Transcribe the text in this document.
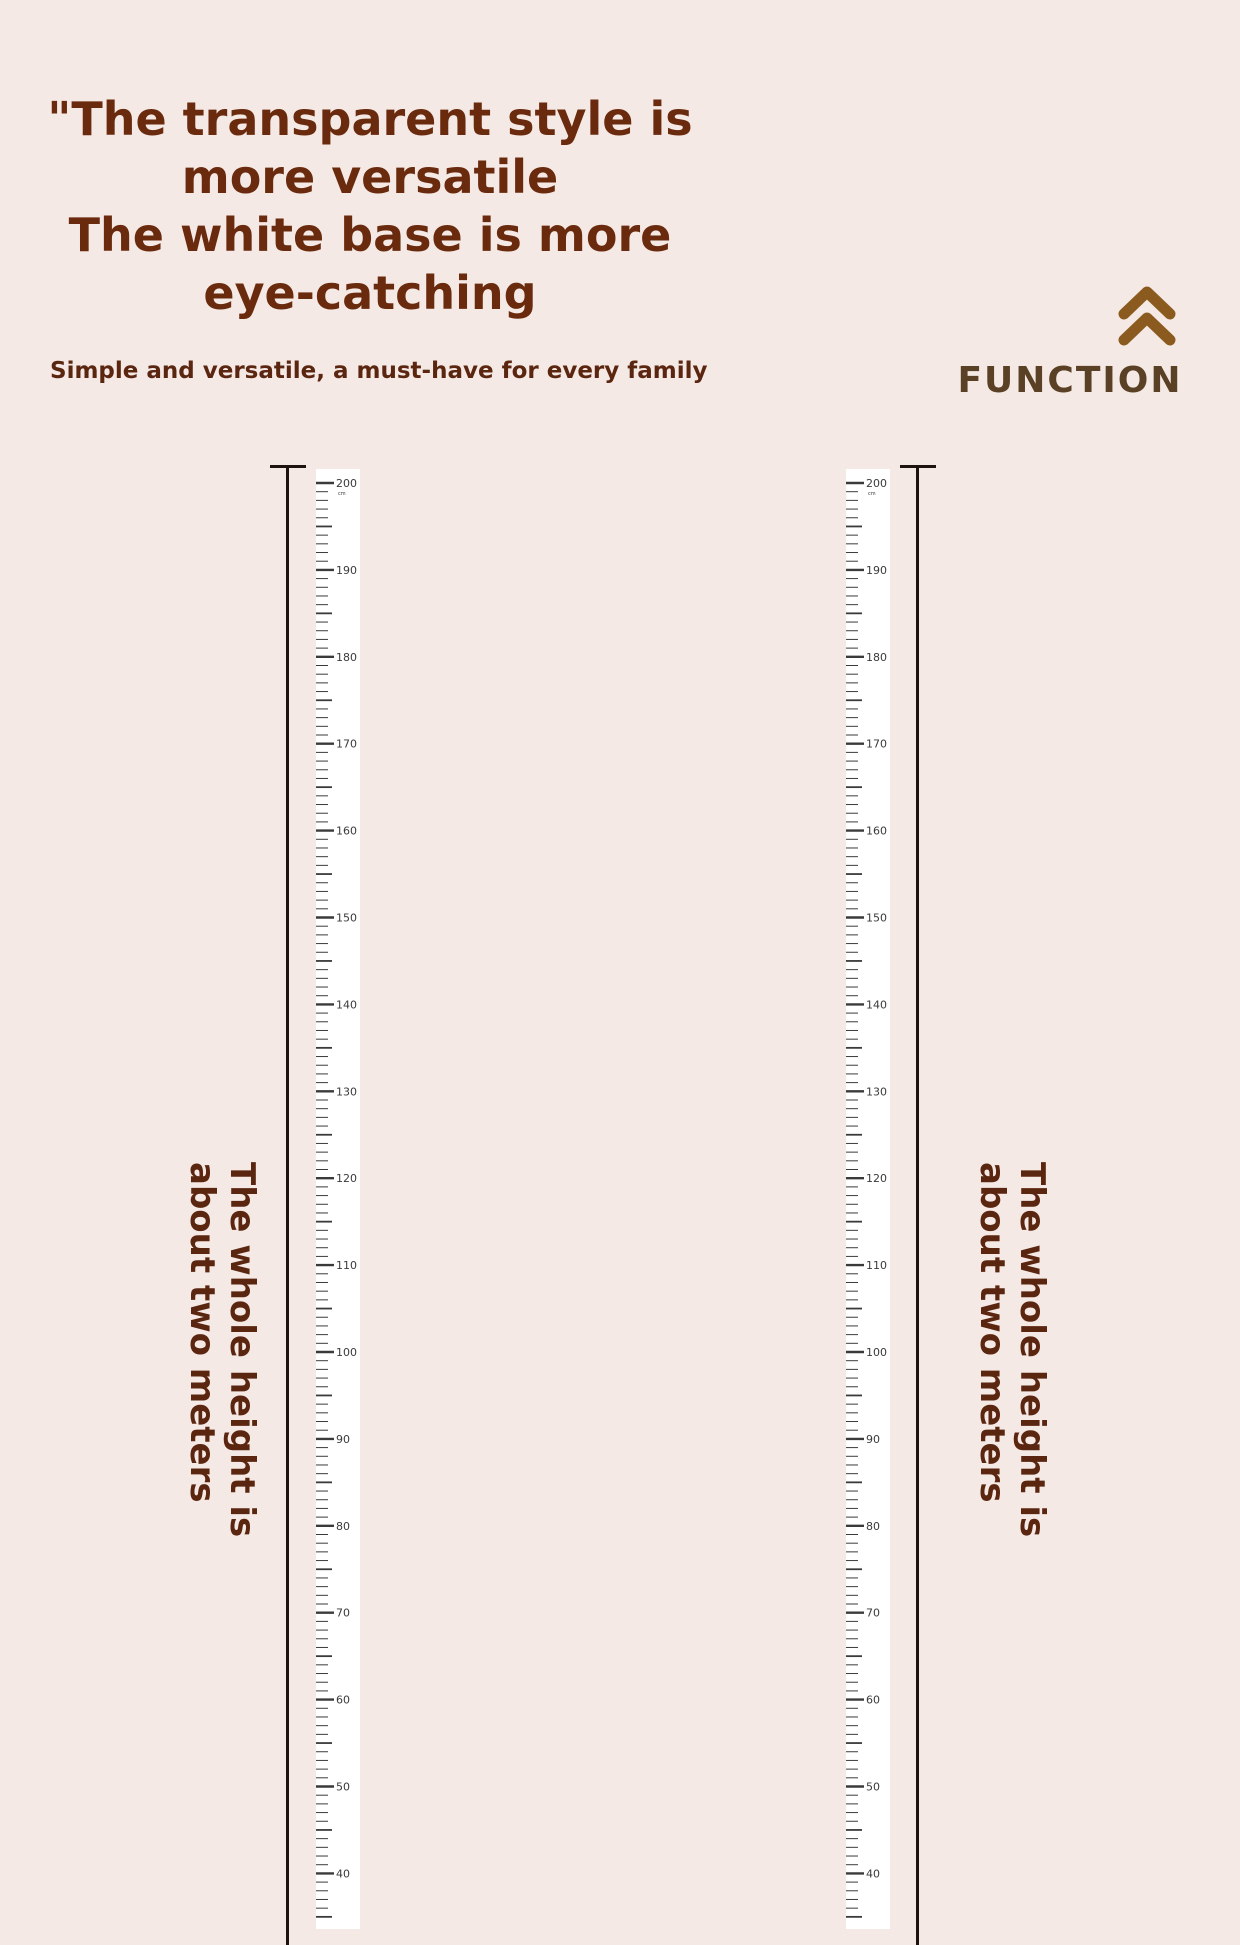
"The transparent style is
more versatile
The white base is more
eye-catching

Simple and versatile, a must-have for every family	FUNCTION
The whole height is
about two meters	The whole height is
about two meters
200
190
180
170
160
150
140
130
120
110
100
90
80
70
60
50
40
cm
200
190
180
170
160
150
140
130
120
110
100
90
80
70
60
50
40
cm
